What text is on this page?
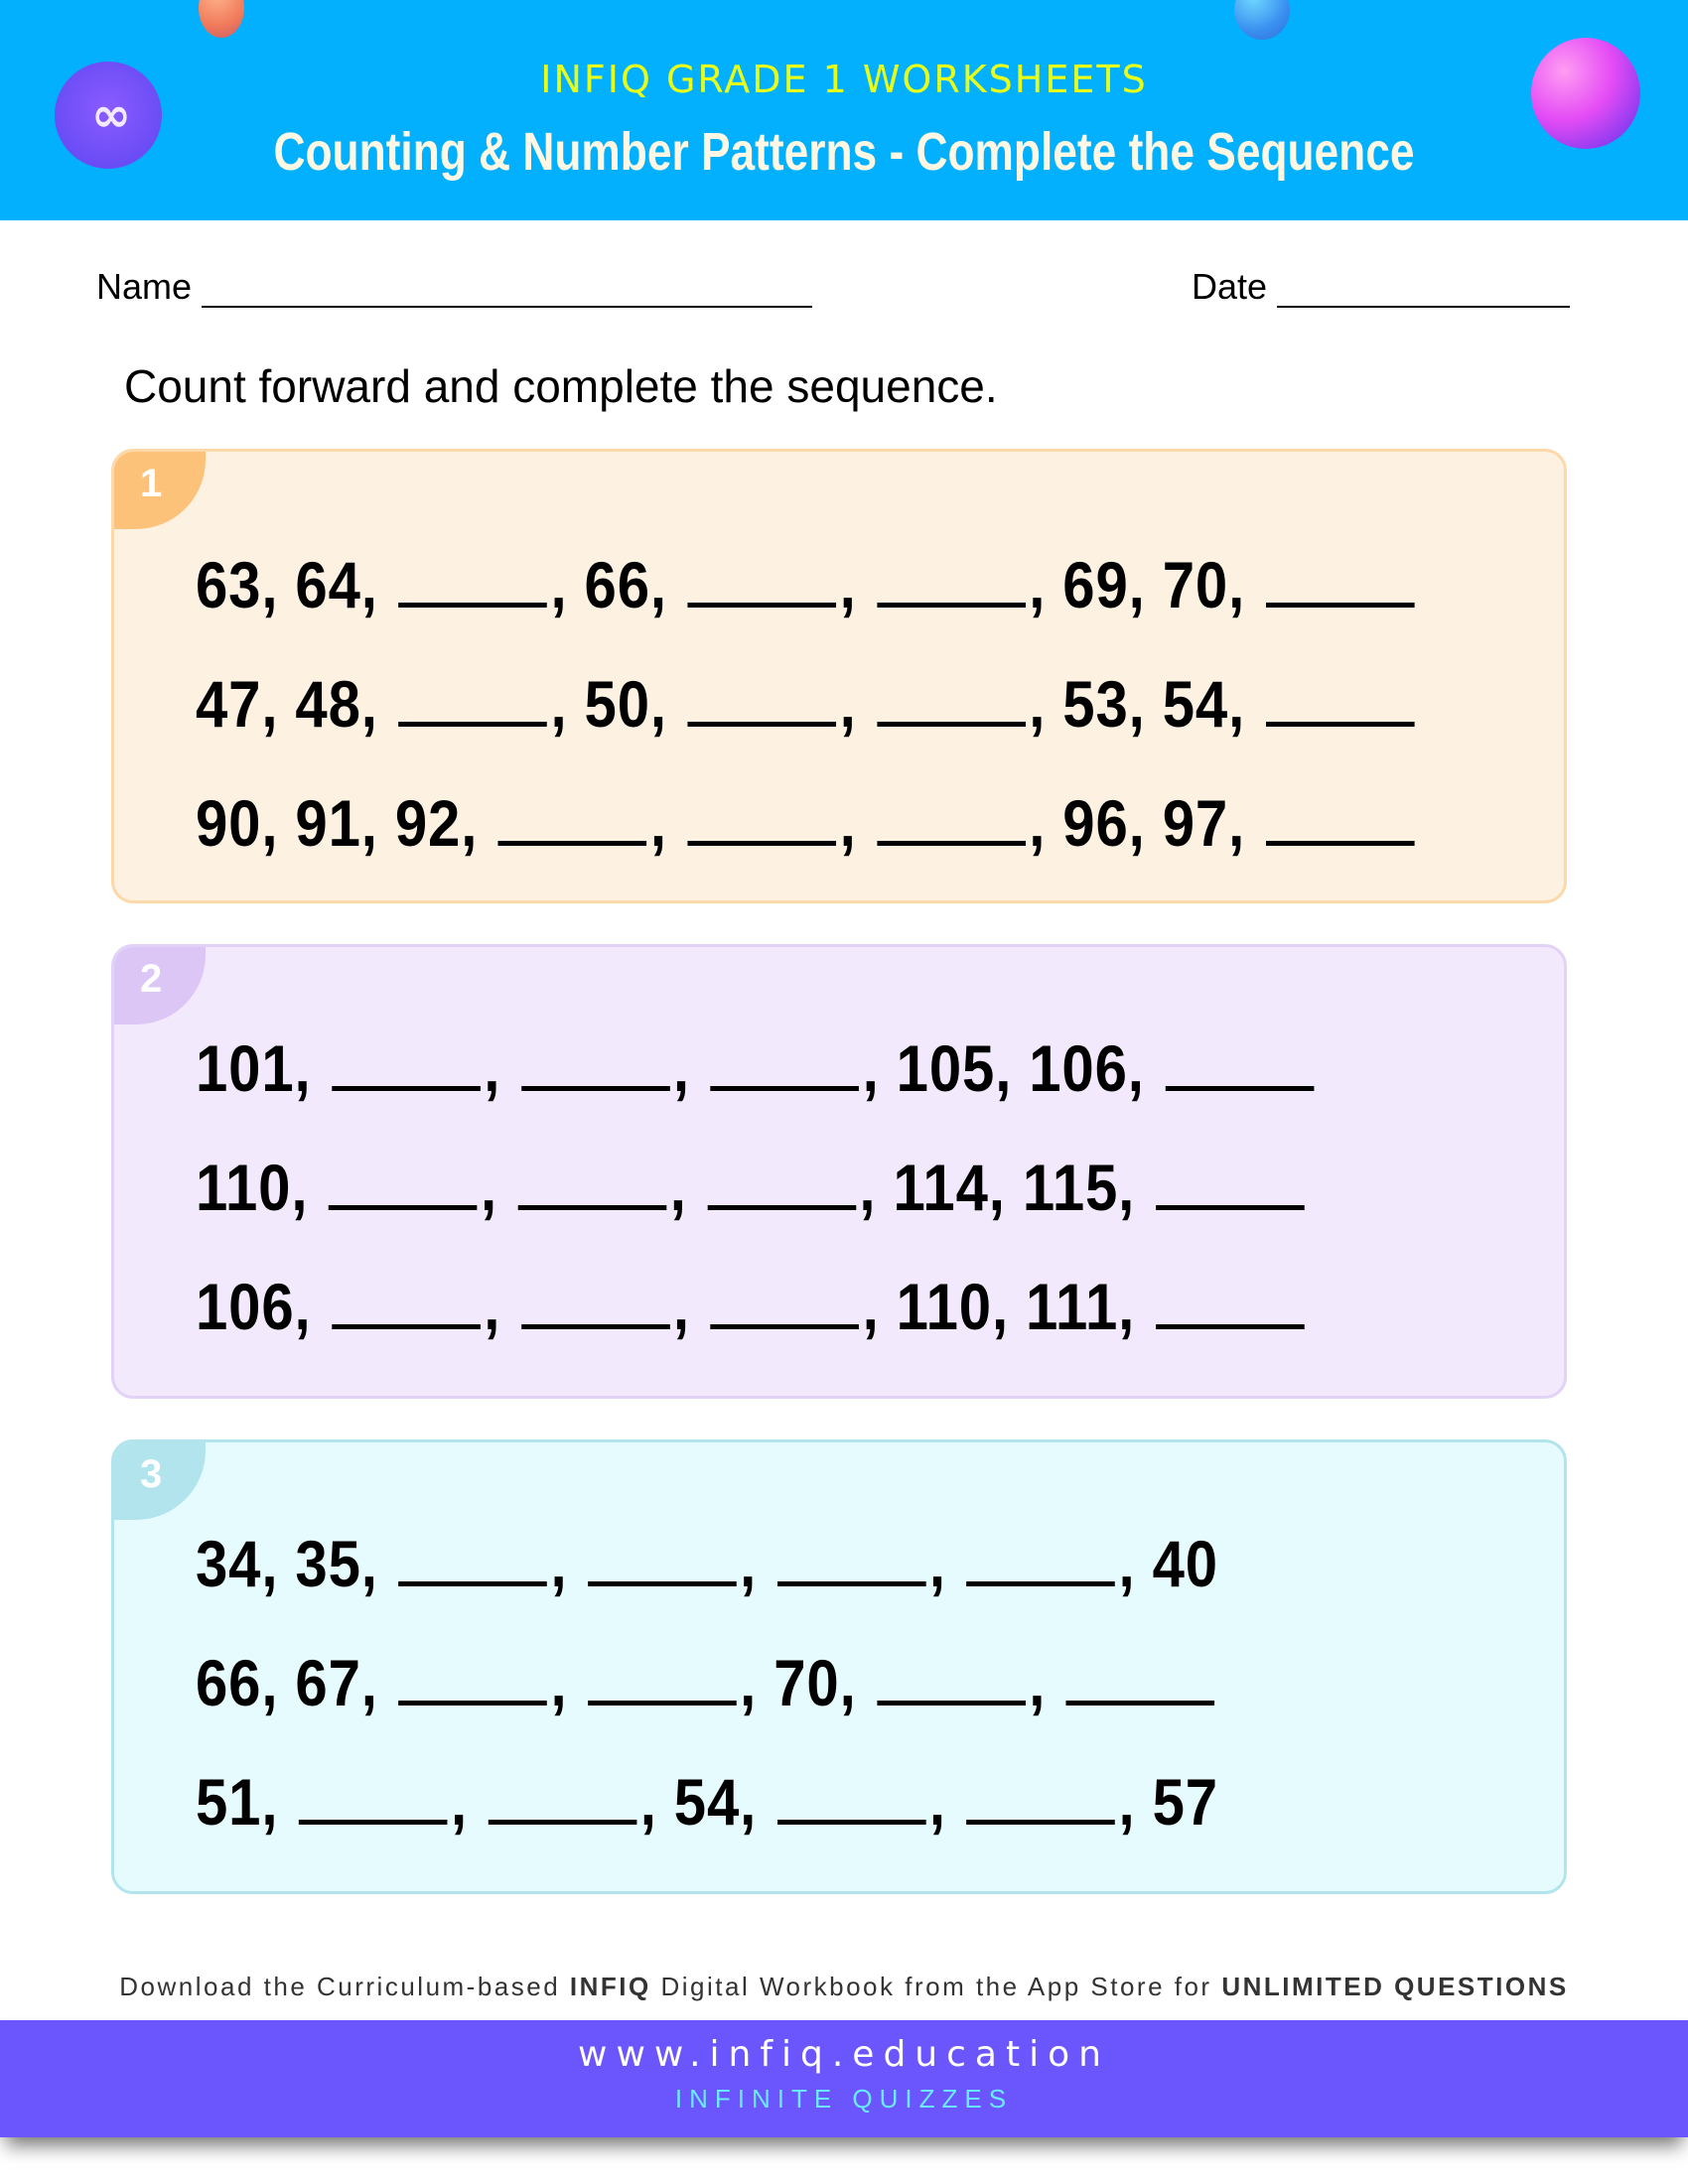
∞
INFIQ GRADE 1 WORKSHEETS
Counting & Number Patterns - Complete the Sequence
Name	Date
Count forward and complete the sequence.
1
63, 64, , 66, , , 69, 70,
47, 48, , 50, , , 53, 54,
90, 91, 92, , , , 96, 97,
2
101, , , , 105, 106,
110, , , , 114, 115,
106, , , , 110, 111,
3
34, 35, , , , , 40
66, 67, , , 70, ,
51, , , 54, , , 57
Download the Curriculum-based INFIQ Digital Workbook from the App Store for UNLIMITED QUESTIONS
www.infiq.education
INFINITE QUIZZES
